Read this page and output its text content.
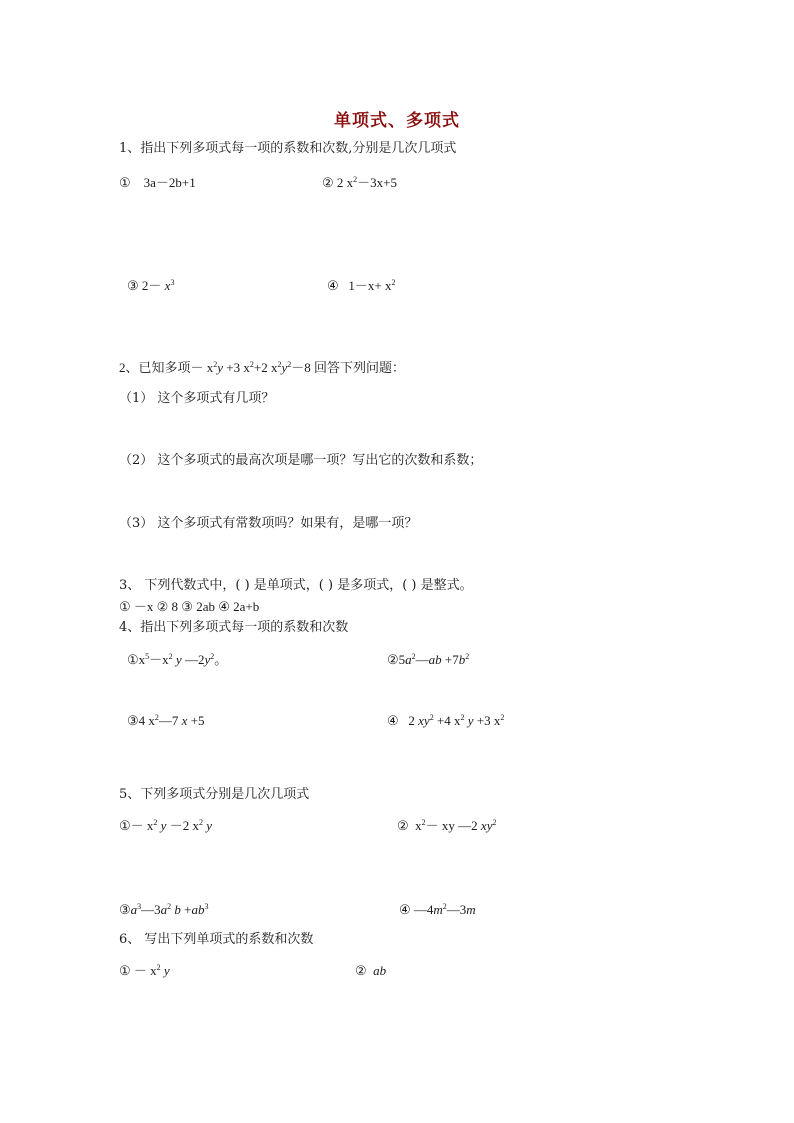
单项式、多项式
1、指出下列多项式每一项的系数和次数,分别是几次几项式
① 3a－2b+1	② 2 $x^2-3x+5$
③ $2- x^3$	④ $1-x+ x^2$
2、已知多项－ $x^2y +3$ $x^2+2$ $x^2y^2-8$ 回答下列问题：
（1） 这个多项式有几项？
（2） 这个多项式的最高次项是哪一项？写出它的次数和系数；
（3） 这个多项式有常数项吗？如果有，是哪一项？
3、 下列代数式中，( ) 是单项式，( ) 是多项式，( ) 是整式。
① －x ② 8 ③ 2ab ④ 2a+b
4、指出下列多项式每一项的系数和次数
$①x^5-x^2$ y $—2y^2$。	$②5a^2—ab +7b^2$
③4 $x^2—7$ x +5	④ 2 $xy^2 +4$ $x^2$ y +3 $x^2$
5、下列多项式分别是几次几项式
①－ $x^2$ y －2 $x^2$ y	② $x^2-$ xy —2 $xy^2$
$③a^3—3a^2$ $b +ab^3$	④ $—4m^2—3m$
6、 写出下列单项式的系数和次数
① － $x^2$ y	② ab
